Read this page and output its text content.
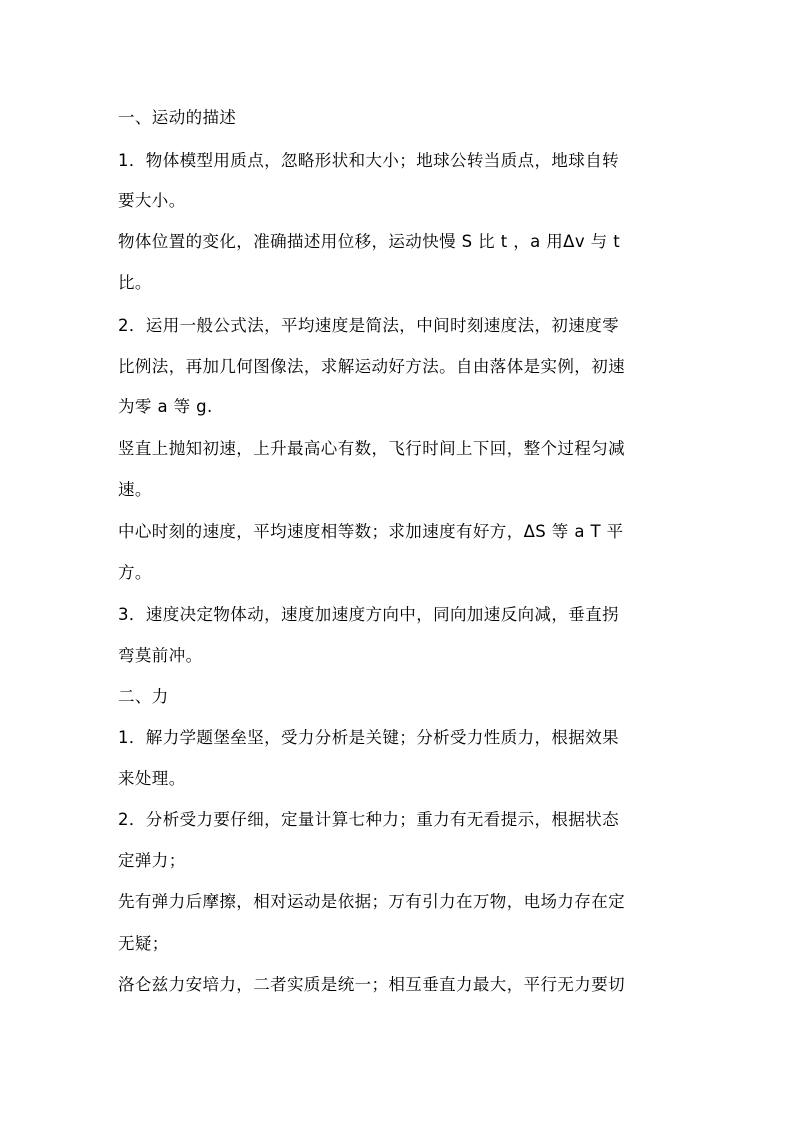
一、运动的描述
1．物体模型用质点，忽略形状和大小；地球公转当质点，地球自转
要大小。
物体位置的变化，准确描述用位移，运动快慢 S 比 t ，a 用Δv 与 t
比。
2．运用一般公式法，平均速度是简法，中间时刻速度法，初速度零
比例法，再加几何图像法，求解运动好方法。自由落体是实例，初速
为零 a 等 g.
竖直上抛知初速，上升最高心有数，飞行时间上下回，整个过程匀减
速。
中心时刻的速度，平均速度相等数；求加速度有好方，ΔS 等 a T 平
方。
3．速度决定物体动，速度加速度方向中，同向加速反向减，垂直拐
弯莫前冲。
二、力
1．解力学题堡垒坚，受力分析是关键；分析受力性质力，根据效果
来处理。
2．分析受力要仔细，定量计算七种力；重力有无看提示，根据状态
定弹力；
先有弹力后摩擦，相对运动是依据；万有引力在万物，电场力存在定
无疑；
洛仑兹力安培力，二者实质是统一；相互垂直力最大，平行无力要切
